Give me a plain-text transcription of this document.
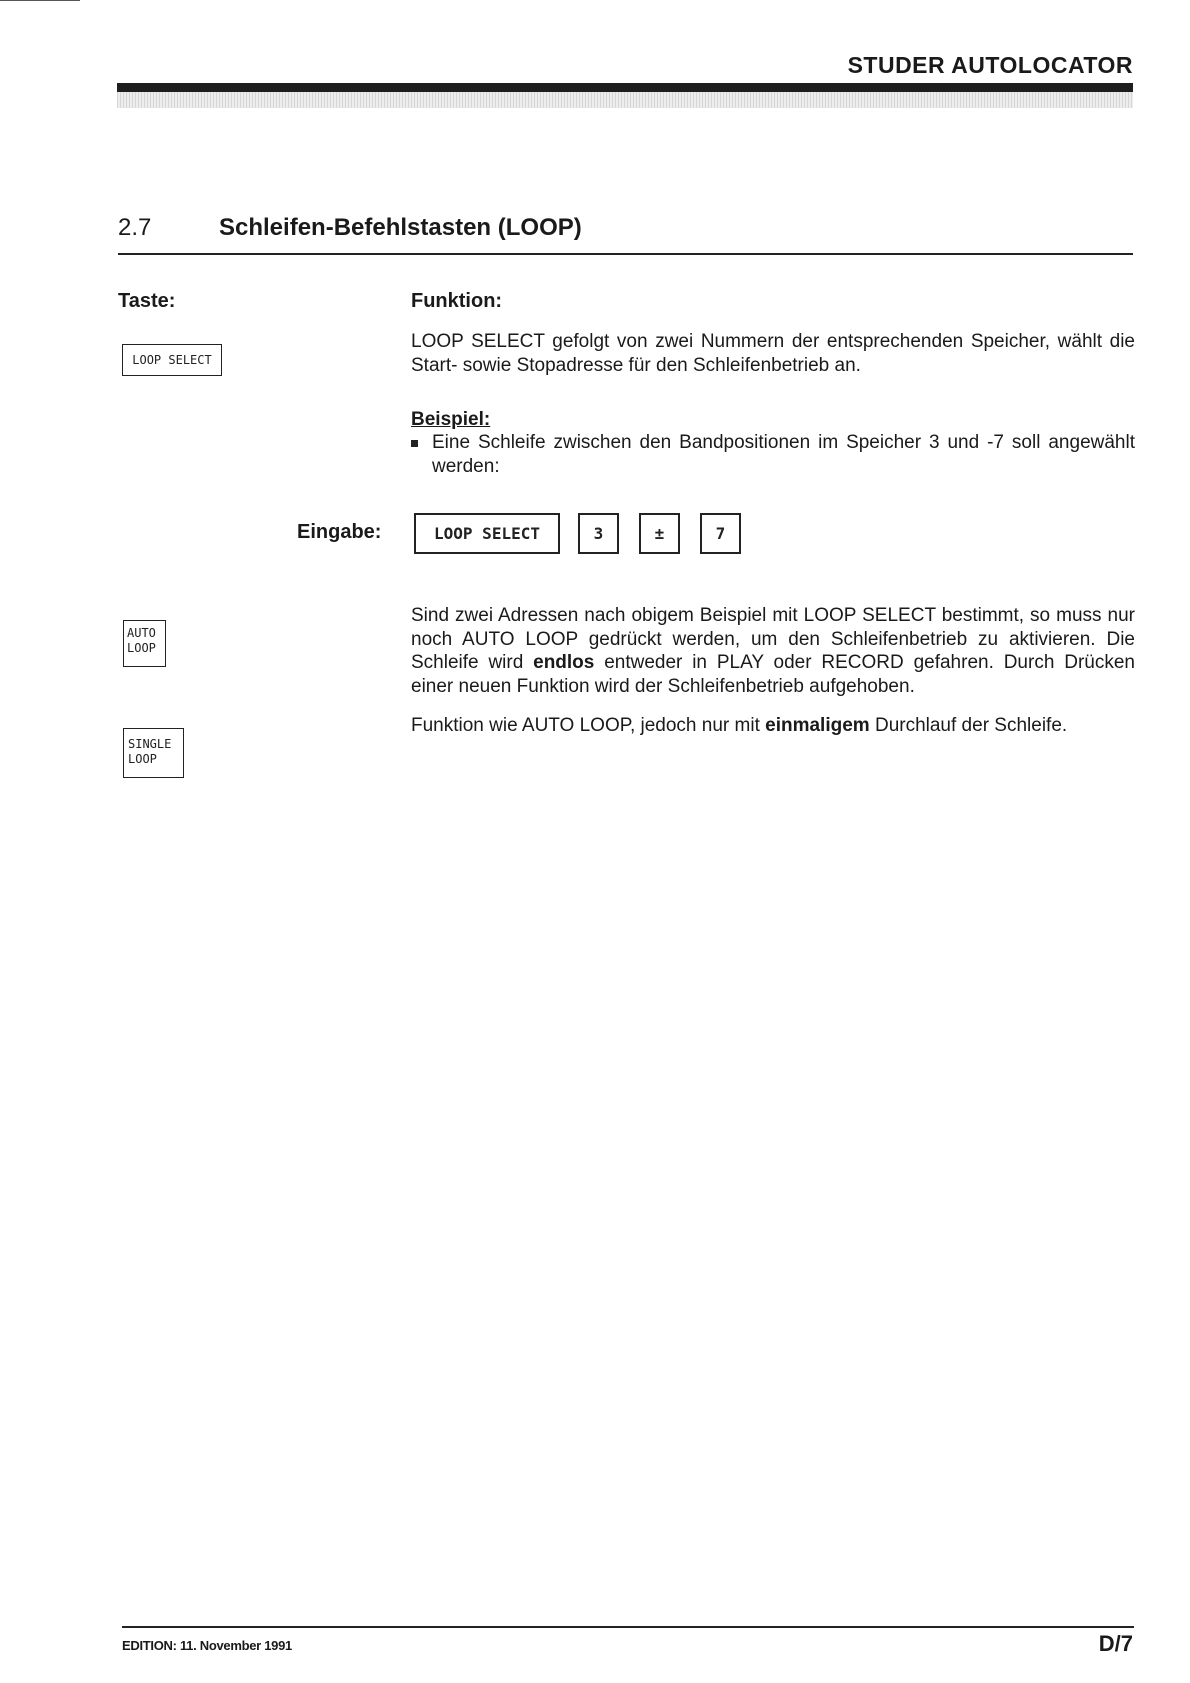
STUDER AUTOLOCATOR
2.7	Schleifen-Befehlstasten (LOOP)
Taste:	Funktion:
LOOP SELECT
LOOP SELECT gefolgt von zwei Nummern der entsprechenden Speicher, wählt die Start- sowie Stopadresse für den Schleifenbetrieb an.
Beispiel:
Eine Schleife zwischen den Bandpositionen im Speicher 3 und -7 soll angewählt werden:
Eingabe:	LOOP SELECT	3	±	7
AUTO
LOOP
Sind zwei Adressen nach obigem Beispiel mit LOOP SELECT bestimmt, so muss nur noch AUTO LOOP gedrückt werden, um den Schleifenbetrieb zu aktivieren. Die Schleife wird endlos entweder in PLAY oder RECORD gefahren. Durch Drücken einer neuen Funktion wird der Schleifenbetrieb aufgehoben.
SINGLE
LOOP
Funktion wie AUTO LOOP, jedoch nur mit einmaligem Durchlauf der Schleife.
EDITION: 11. November 1991	D/7
